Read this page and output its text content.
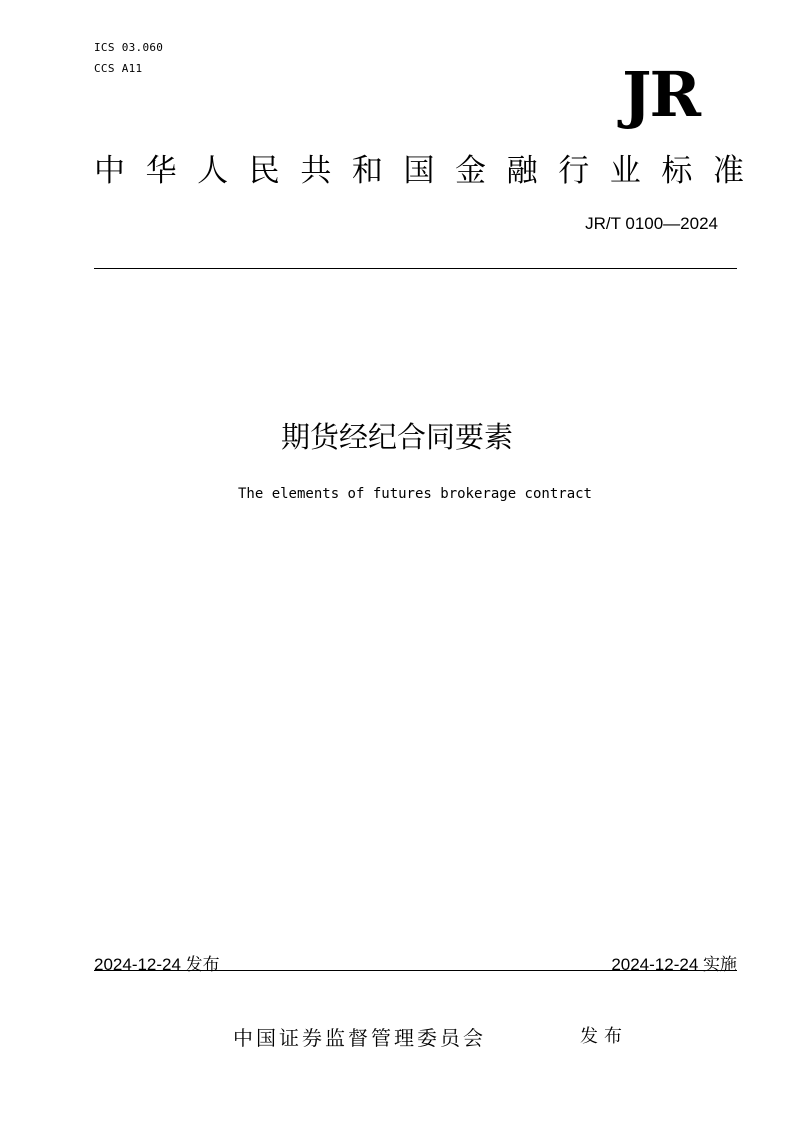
ICS 03.060
CCS A11	JR
中 华 人 民 共 和 国 金 融 行 业 标 准
JR/T 0100—2024
期货经纪合同要素
The elements of futures brokerage contract
2024-12-24 发布	2024-12-24 实施
中国证券监督管理委员会	发布
